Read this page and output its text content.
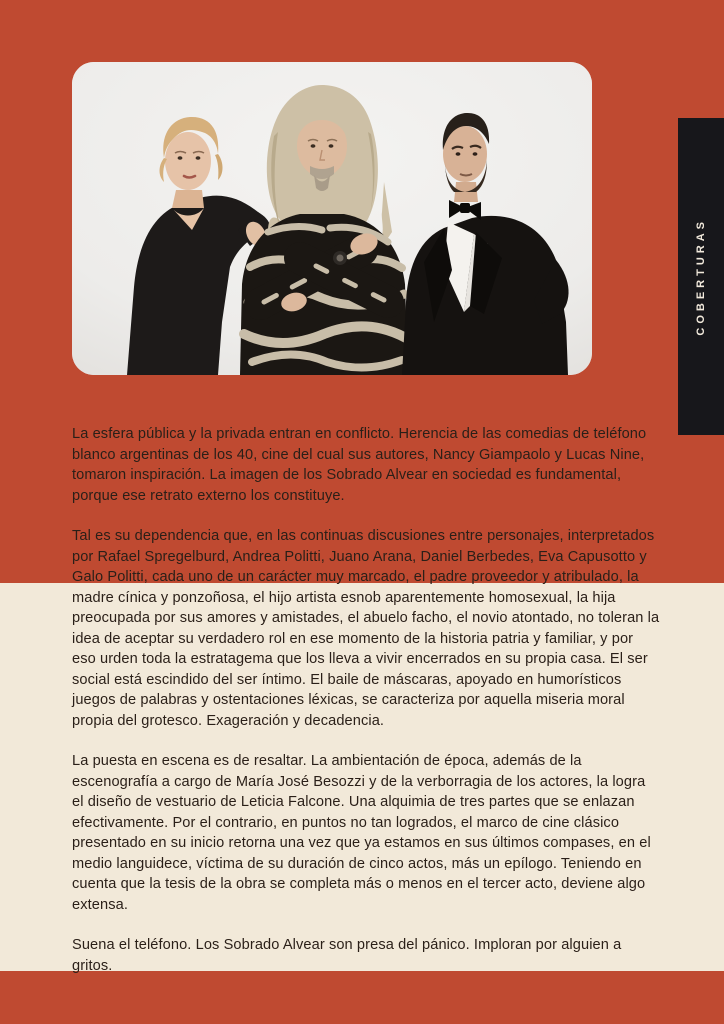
COBERTURAS

La esfera pública y la privada entran en conflicto. Herencia de las comedias de teléfono blanco argentinas de los 40, cine del cual sus autores, Nancy Giampaolo y Lucas Nine, tomaron inspiración. La imagen de los Sobrado Alvear en sociedad es fundamental, porque ese retrato externo los constituye.

Tal es su dependencia que, en las continuas discusiones entre personajes, interpretados por Rafael Spregelburd, Andrea Politti, Juano Arana, Daniel Berbedes, Eva Capusotto y Galo Politti, cada uno de un carácter muy marcado, el padre proveedor y atribulado, la madre cínica y ponzoñosa, el hijo artista esnob aparentemente homosexual, la hija preocupada por sus amores y amistades, el abuelo facho, el novio atontado, no toleran la idea de aceptar su verdadero rol en ese momento de la historia patria y familiar, y por eso urden toda la estratagema que los lleva a vivir encerrados en su propia casa. El ser social está escindido del ser íntimo. El baile de máscaras, apoyado en humorísticos juegos de palabras y ostentaciones léxicas, se caracteriza por aquella miseria moral propia del grotesco. Exageración y decadencia.

La puesta en escena es de resaltar. La ambientación de época, además de la escenografía a cargo de María José Besozzi y de la verborragia de los actores, la logra el diseño de vestuario de Leticia Falcone. Una alquimia de tres partes que se enlazan efectivamente. Por el contrario, en puntos no tan logrados, el marco de cine clásico presentado en su inicio retorna una vez que ya estamos en sus últimos compases, en el medio languidece, víctima de su duración de cinco actos, más un epílogo. Teniendo en cuenta que la tesis de la obra se completa más o menos en el tercer acto, deviene algo extensa.

Suena el teléfono. Los Sobrado Alvear son presa del pánico. Imploran por alguien a gritos.
